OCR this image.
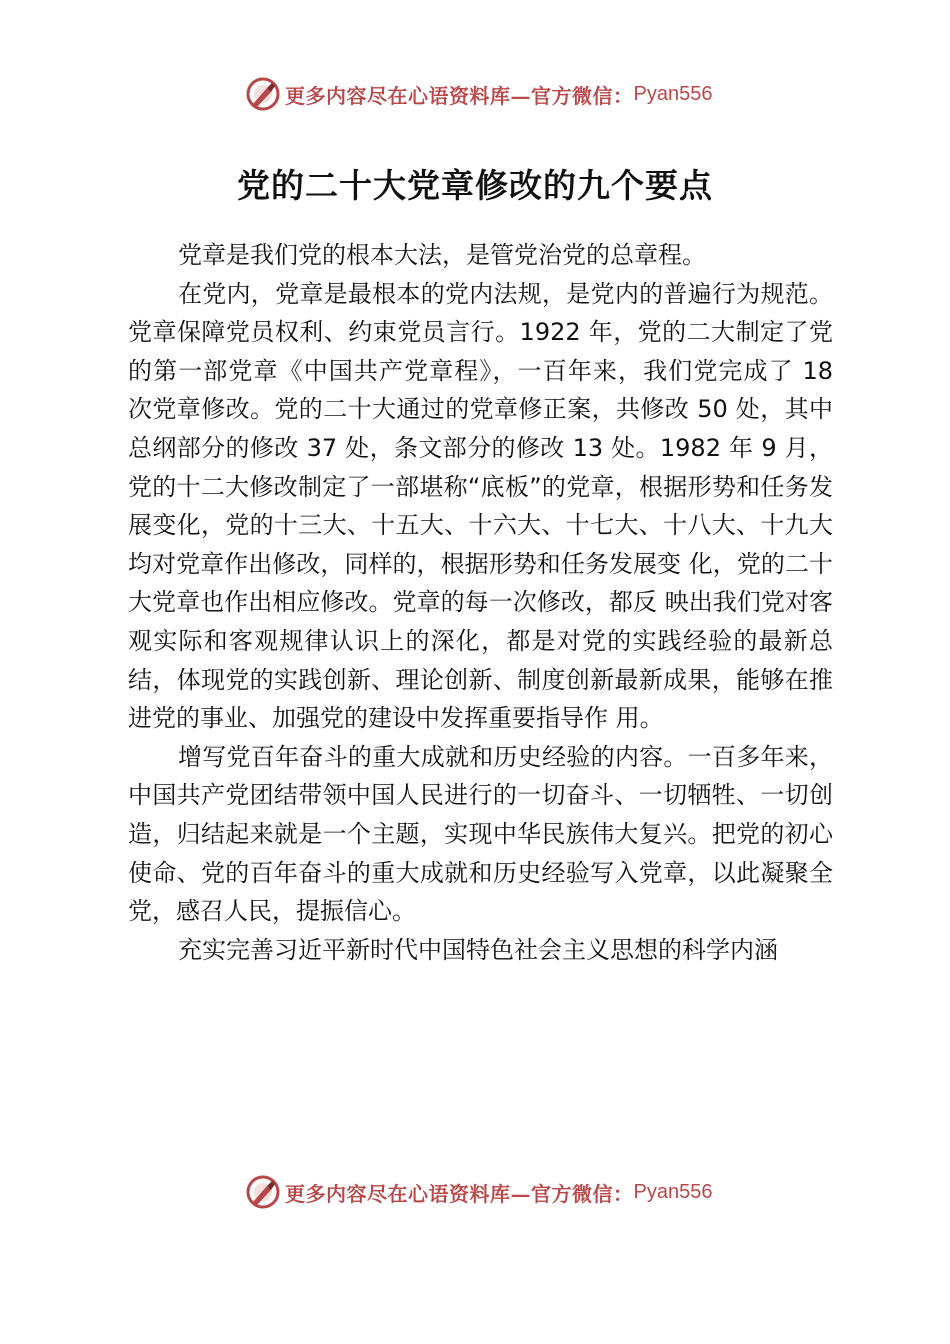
更多内容尽在心语资料库—官方微信： Pyan556
党的二十大党章修改的九个要点

党章是我们党的根本大法，是管党治党的总章程。

在党内，党章是最根本的党内法规，是党内的普遍行为规范。党章保障党员权利、约束党员言行。1922 年，党的二大制定了党的第一部党章《中国共产党章程》，一百年来，我们党完成了 18 次党章修改。党的二十大通过的党章修正案，共修改 50 处，其中总纲部分的修改 37 处，条文部分的修改 13 处。1982 年 9 月，党的十二大修改制定了一部堪称“底板”的党章，根据形势和任务发展变化，党的十三大、十五大、十六大、十七大、十八大、十九大均对党章作出修改，同样的，根据形势和任务发展变 化，党的二十大党章也作出相应修改。党章的每一次修改，都反 映出我们党对客观实际和客观规律认识上的深化，都是对党的实践经验的最新总结，体现党的实践创新、理论创新、制度创新最新成果，能够在推进党的事业、加强党的建设中发挥重要指导作 用。

增写党百年奋斗的重大成就和历史经验的内容。一百多年来，中国共产党团结带领中国人民进行的一切奋斗、一切牺牲、一切创造，归结起来就是一个主题，实现中华民族伟大复兴。把党的初心使命、党的百年奋斗的重大成就和历史经验写入党章，以此凝聚全党，感召人民，提振信心。

充实完善习近平新时代中国特色社会主义思想的科学内涵

更多内容尽在心语资料库—官方微信： Pyan556
